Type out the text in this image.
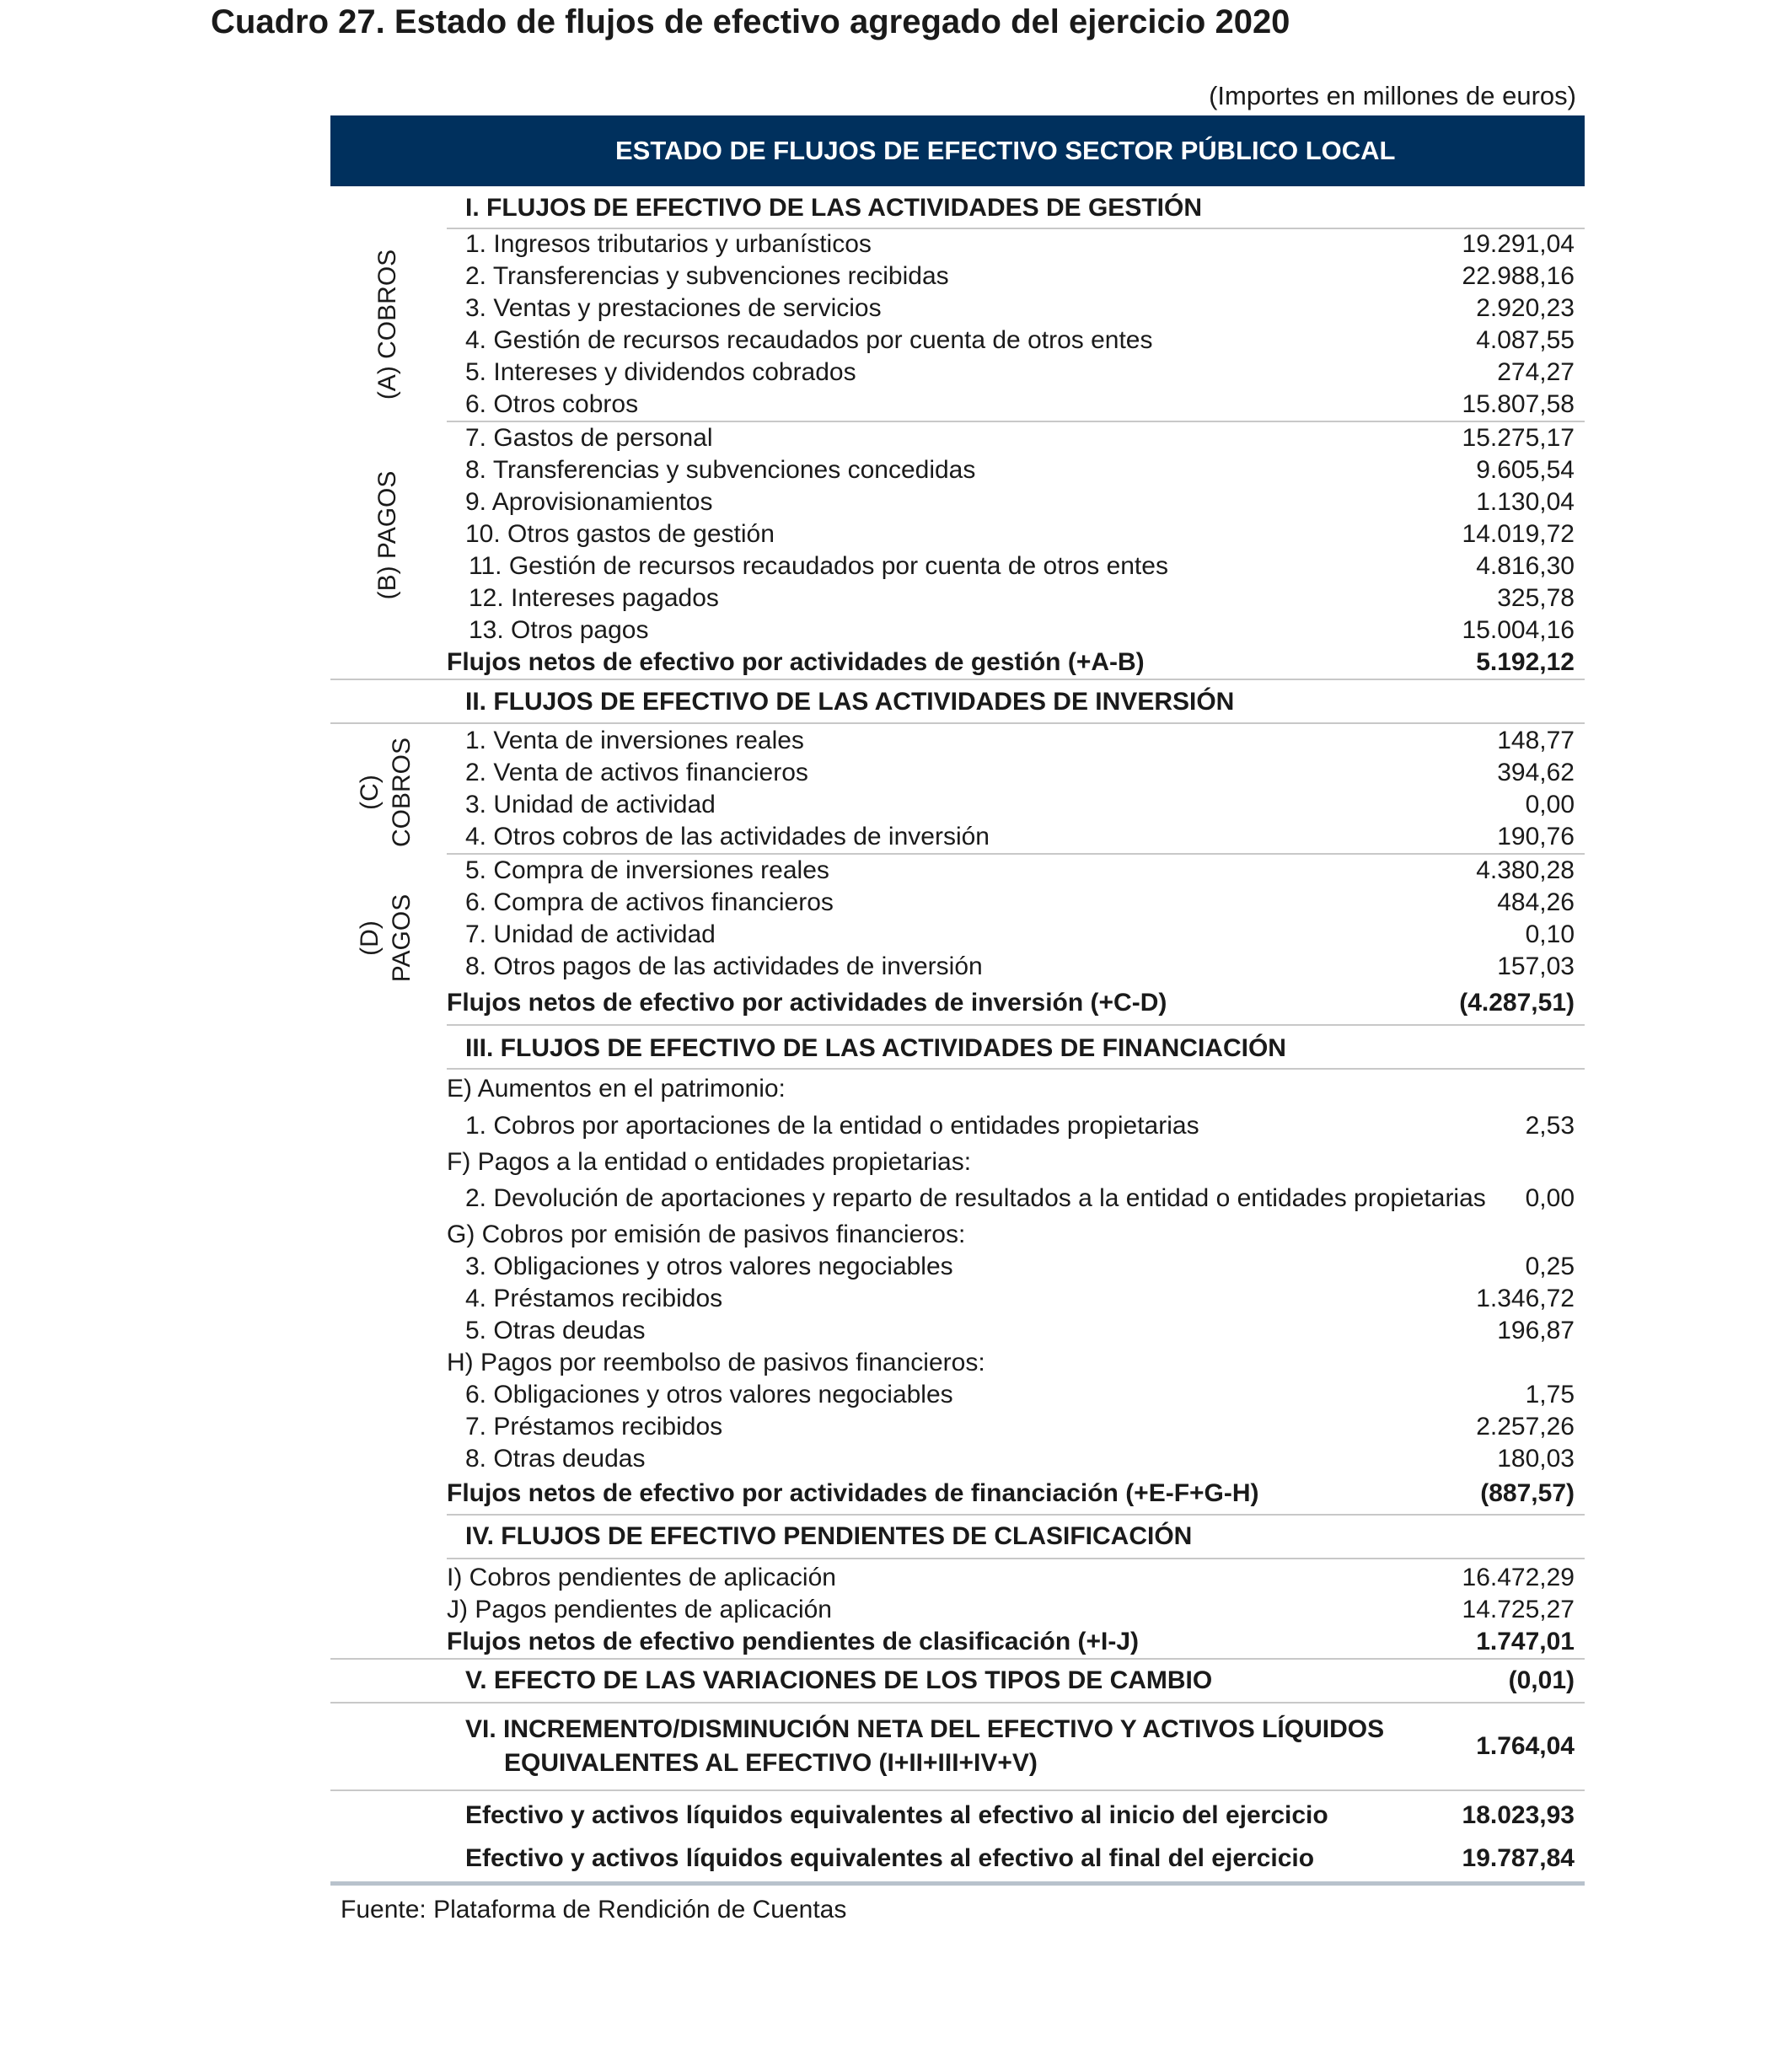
Cuadro 27. Estado de flujos de efectivo agregado del ejercicio 2020
(Importes en millones de euros)
ESTADO DE FLUJOS DE EFECTIVO SECTOR PÚBLICO LOCAL
(A) COBROS
(B) PAGOS
(C) COBROS
(D) PAGOS
I. FLUJOS DE EFECTIVO DE LAS ACTIVIDADES DE GESTIÓN
1. Ingresos tributarios y urbanísticos	19.291,04
2. Transferencias y subvenciones recibidas	22.988,16
3. Ventas y prestaciones de servicios	2.920,23
4. Gestión de recursos recaudados por cuenta de otros entes	4.087,55
5. Intereses y dividendos cobrados	274,27
6. Otros cobros	15.807,58
7. Gastos de personal	15.275,17
8. Transferencias y subvenciones concedidas	9.605,54
9. Aprovisionamientos	1.130,04
10. Otros gastos de gestión	14.019,72
11. Gestión de recursos recaudados por cuenta de otros entes	4.816,30
12. Intereses pagados	325,78
13. Otros pagos	15.004,16
Flujos netos de efectivo por actividades de gestión (+A-B)	5.192,12
II. FLUJOS DE EFECTIVO DE LAS ACTIVIDADES DE INVERSIÓN
1. Venta de inversiones reales	148,77
2. Venta de activos financieros	394,62
3. Unidad de actividad	0,00
4. Otros cobros de las actividades de inversión	190,76
5. Compra de inversiones reales	4.380,28
6. Compra de activos financieros	484,26
7. Unidad de actividad	0,10
8. Otros pagos de las actividades de inversión	157,03
Flujos netos de efectivo por actividades de inversión (+C-D)	(4.287,51)
III. FLUJOS DE EFECTIVO DE LAS ACTIVIDADES DE FINANCIACIÓN
E) Aumentos en el patrimonio:
1. Cobros por aportaciones de la entidad o entidades propietarias	2,53
F) Pagos a la entidad o entidades propietarias:
2. Devolución de aportaciones y reparto de resultados a la entidad o entidades propietarias 0,00
G) Cobros por emisión de pasivos financieros:
3. Obligaciones y otros valores negociables	0,25
4. Préstamos recibidos	1.346,72
5. Otras deudas	196,87
H) Pagos por reembolso de pasivos financieros:
6. Obligaciones y otros valores negociables	1,75
7. Préstamos recibidos	2.257,26
8. Otras deudas	180,03
Flujos netos de efectivo por actividades de financiación (+E-F+G-H)	(887,57)
IV. FLUJOS DE EFECTIVO PENDIENTES DE CLASIFICACIÓN
I) Cobros pendientes de aplicación	16.472,29
J) Pagos pendientes de aplicación	14.725,27
Flujos netos de efectivo pendientes de clasificación (+I-J)	1.747,01
V. EFECTO DE LAS VARIACIONES DE LOS TIPOS DE CAMBIO	(0,01)
VI. INCREMENTO/DISMINUCIÓN NETA DEL EFECTIVO Y ACTIVOS LÍQUIDOS
EQUIVALENTES AL EFECTIVO (I+II+III+IV+V)
1.764,04
Efectivo y activos líquidos equivalentes al efectivo al inicio del ejercicio	18.023,93
Efectivo y activos líquidos equivalentes al efectivo al final del ejercicio	19.787,84
Fuente: Plataforma de Rendición de Cuentas
